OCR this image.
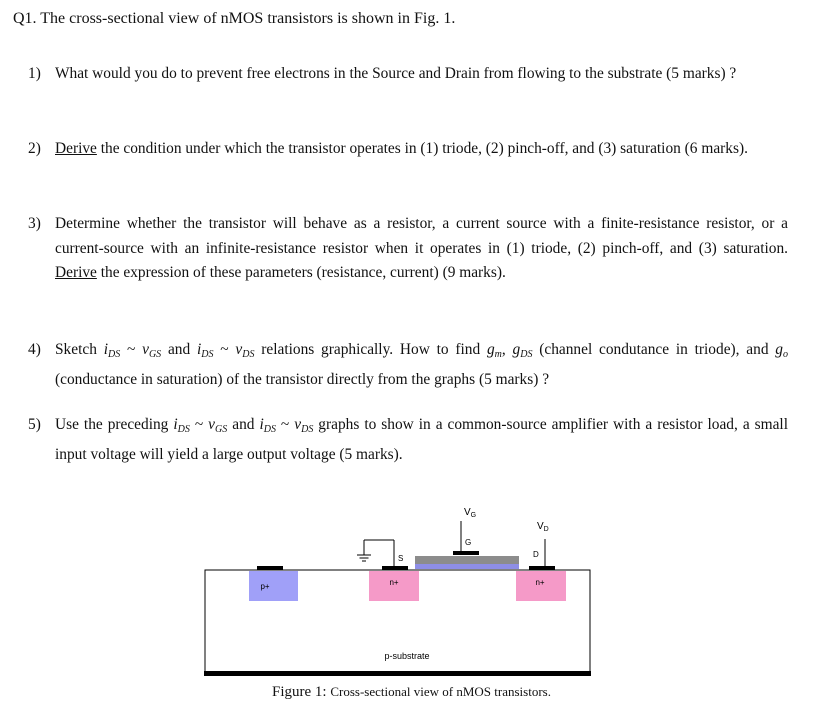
Q1. The cross-sectional view of nMOS transistors is shown in Fig. 1.
1) What would you do to prevent free electrons in the Source and Drain from flowing to the substrate (5 marks) ?
2) Derive the condition under which the transistor operates in (1) triode, (2) pinch-off, and (3) saturation (6 marks).
3) Determine whether the transistor will behave as a resistor, a current source with a finite-resistance resistor, or a current-source with an infinite-resistance resistor when it operates in (1) triode, (2) pinch-off, and (3) saturation. Derive the expression of these parameters (resistance, current) (9 marks).
4) Sketch $i_{DS}$ ~ $v_{GS}$ and $i_{DS}$ ~ $v_{DS}$ relations graphically. How to find $g_m$, $g_{DS}$ (channel condutance in triode), and $g_o$ (conductance in saturation) of the transistor directly from the graphs (5 marks) ?
5) Use the preceding $i_{DS}$ ~ $v_{GS}$ and $i_{DS}$ ~ $v_{DS}$ graphs to show in a common-source amplifier with a resistor load, a small input voltage will yield a large output voltage (5 marks).
p+	n+	n+
$V_G$
G
S
$V_D$
D
p-substrate
Figure 1: Cross-sectional view of nMOS transistors.
